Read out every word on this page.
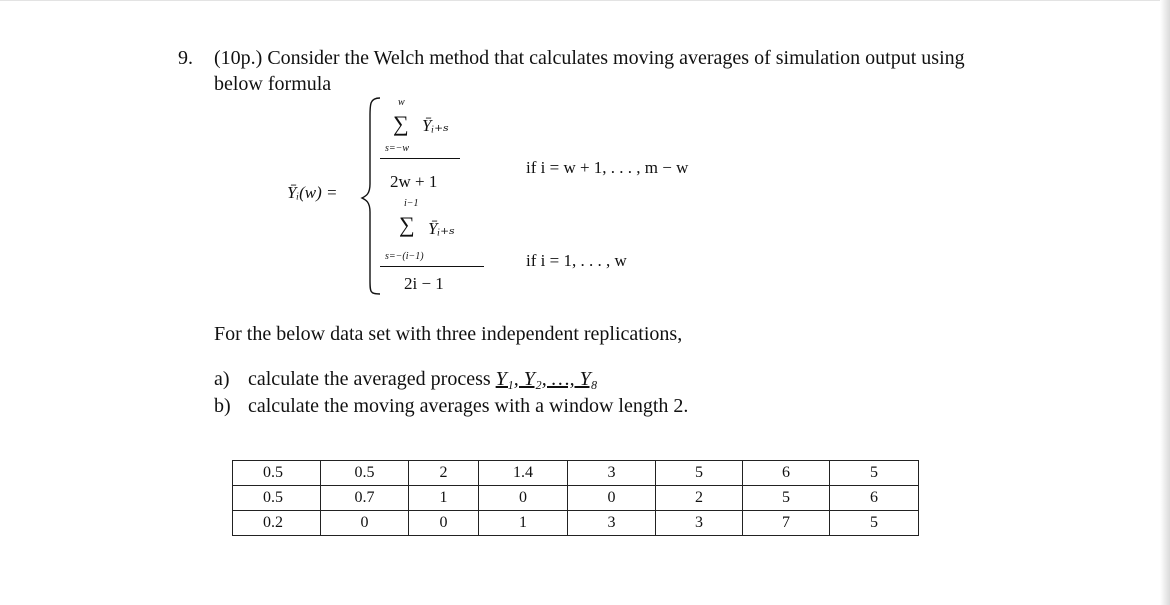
9. (10p.) Consider the Welch method that calculates moving averages of simulation output using
below formula
Ȳᵢ(w) =
w
∑ Ȳᵢ₊ₛ
s=−w
2w + 1
if i = w + 1, . . . , m − w
i−1
∑ Ȳᵢ₊ₛ
s=−(i−1)
2i − 1
if i = 1, . . . , w
For the below data set with three independent replications,
a) calculate the averaged process Y₁, Y₂, …, Y₈
b) calculate the moving averages with a window length 2.
0.5	0.5	2	1.4	3	5	6	5
0.5	0.7	1	0	0	2	5	6
0.2	0	0	1	3	3	7	5
